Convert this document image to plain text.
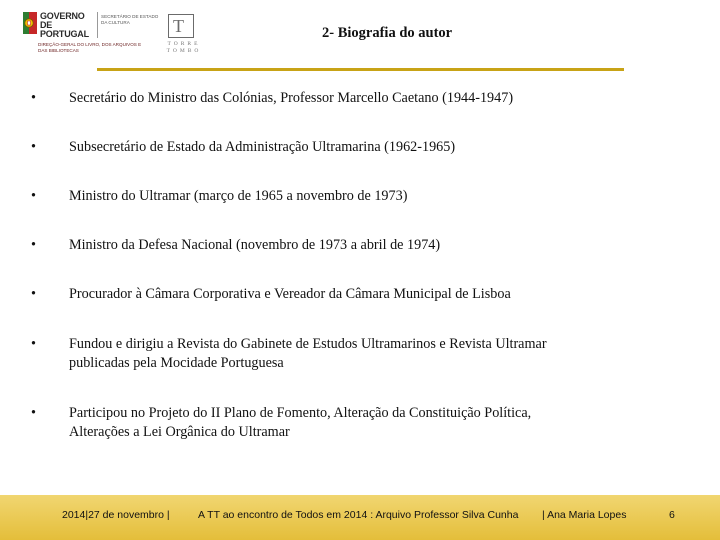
GOVERNO DE
PORTUGAL
DIREÇÃO-GERAL DO LIVRO, DOS ARQUIVOS E
DAS BIBLIOTECAS
SECRETÁRIO DE ESTADO
DA CULTURA	T
TORRE
TOMBO
2- Biografia do autor
•	Secretário do Ministro das Colónias, Professor Marcello Caetano (1944-1947)
•	Subsecretário de Estado da Administração Ultramarina (1962-1965)
•	Ministro do Ultramar (março de 1965 a novembro de 1973)
•	Ministro da Defesa Nacional (novembro de 1973 a abril de 1974)
•	Procurador à Câmara Corporativa e Vereador da Câmara Municipal de Lisboa
•	Fundou e dirigiu a Revista do Gabinete de Estudos Ultramarinos e Revista Ultramar
publicadas pela Mocidade Portuguesa
•	Participou no Projeto do II Plano de Fomento, Alteração da Constituição Política,
Alterações a Lei Orgânica do Ultramar
2014|27 de novembro |	A TT ao encontro de Todos em 2014 : Arquivo Professor Silva Cunha | Ana Maria Lopes	6
